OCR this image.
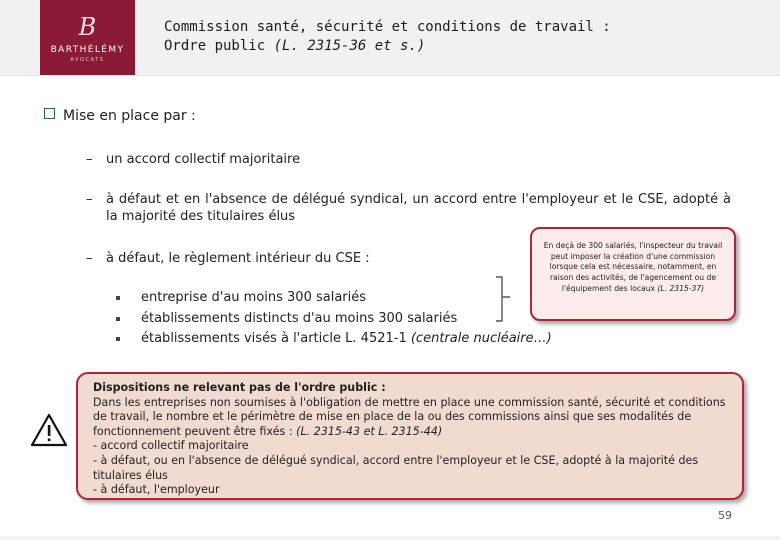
B
BARTHÉLÉMY
AVOCATS
Commission santé, sécurité et conditions de travail :
Ordre public (L. 2315-36 et s.)
Mise en place par :
– un accord collectif majoritaire
– à défaut et en l'absence de délégué syndical, un accord entre l'employeur et le CSE, adopté à la majorité des titulaires élus
– à défaut, le règlement intérieur du CSE :
entreprise d'au moins 300 salariés
établissements distincts d'au moins 300 salariés
établissements visés à l'article L. 4521-1 (centrale nucléaire…)
En deçà de 300 salariés, l'inspecteur du travail peut imposer la création d'une commission lorsque cela est nécessaire, notamment, en raison des activités, de l'agencement ou de l'équipement des locaux (L. 2315-37)
Dispositions ne relevant pas de l'ordre public :
Dans les entreprises non soumises à l'obligation de mettre en place une commission santé, sécurité et conditions de travail, le nombre et le périmètre de mise en place de la ou des commissions ainsi que ses modalités de fonctionnement peuvent être fixés : (L. 2315-43 et L. 2315-44)
- accord collectif majoritaire
- à défaut, ou en l'absence de délégué syndical, accord entre l'employeur et le CSE, adopté à la majorité des titulaires élus
- à défaut, l'employeur
59
